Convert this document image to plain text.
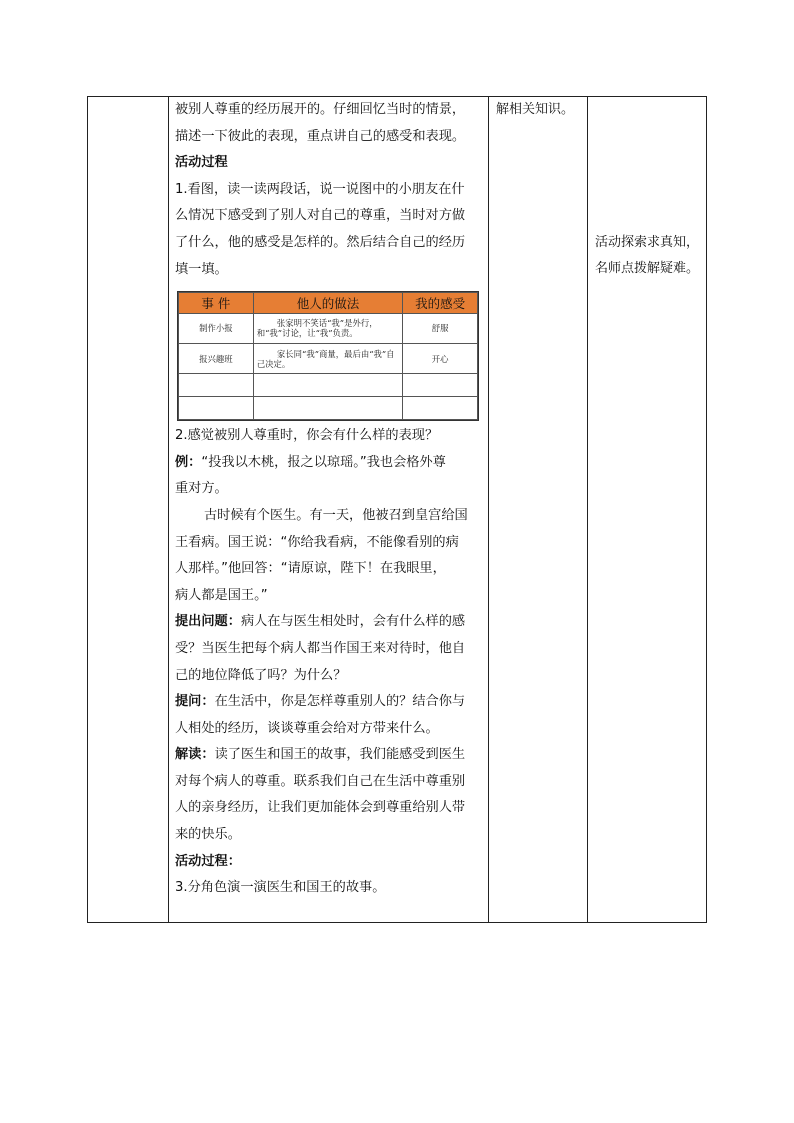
被别人尊重的经历展开的。仔细回忆当时的情景，

描述一下彼此的表现，重点讲自己的感受和表现。

活动过程

1.看图，读一读两段话，说一说图中的小朋友在什

么情况下感受到了别人对自己的尊重，当时对方做

了什么，他的感受是怎样的。然后结合自己的经历

填一填。

2.感觉被别人尊重时，你会有什么样的表现？

例：“投我以木桃，报之以琼瑶。”我也会格外尊

重对方。

古时候有个医生。有一天，他被召到皇宫给国

王看病。国王说：“你给我看病，不能像看别的病

人那样。”他回答：“请原谅，陛下！在我眼里，

病人都是国王。”

提出问题：病人在与医生相处时，会有什么样的感

受？当医生把每个病人都当作国王来对待时，他自

己的地位降低了吗？为什么？

提问：在生活中，你是怎样尊重别人的？结合你与

人相处的经历，谈谈尊重会给对方带来什么。

解读：读了医生和国王的故事，我们能感受到医生

对每个病人的尊重。联系我们自己在生活中尊重别

人的亲身经历，让我们更加能体会到尊重给别人带

来的快乐。

活动过程：

3.分角色演一演医生和国王的故事。

事 件	他人的做法	我的感受
制作小报	张家明不笑话“我”是外行，和“我”讨论，让“我”负责。	舒服
报兴趣班	家长同“我”商量，最后由“我”自己决定。	开心

解相关知识。
活动探索求真知，
名师点拨解疑难。
